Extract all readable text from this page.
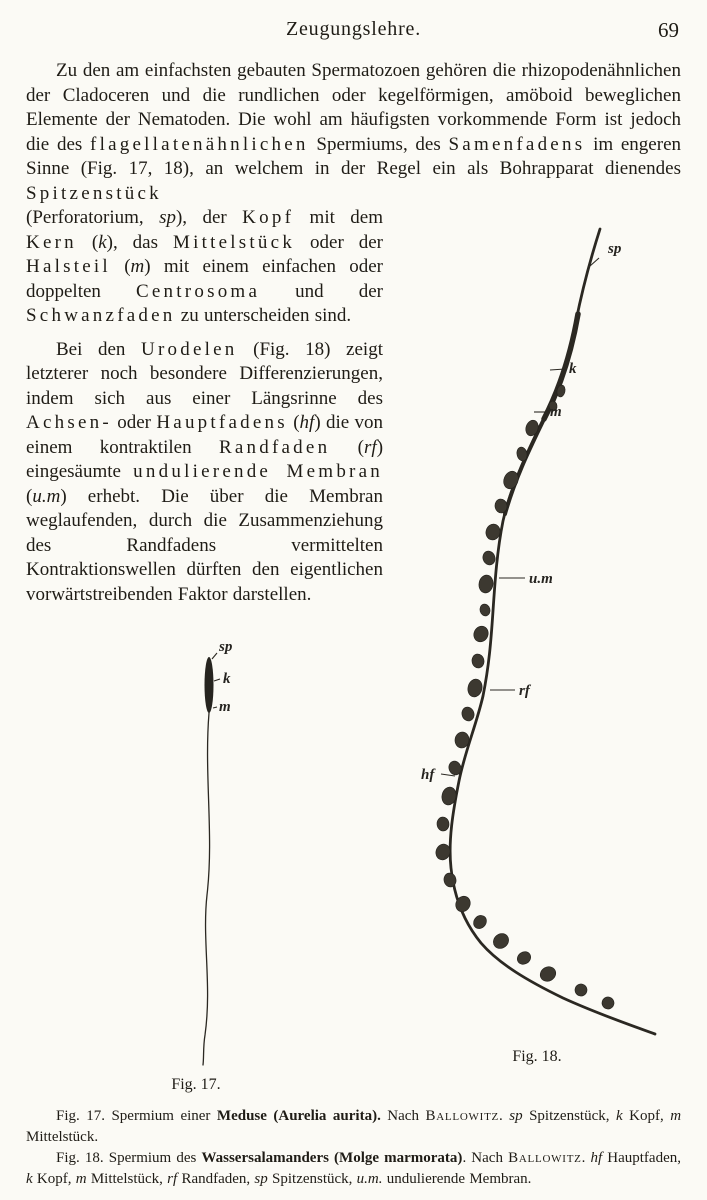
Zeugungslehre.	69

Zu den am einfachsten gebauten Spermatozoen gehören die rhizopodenähnlichen der Cladoceren und die rundlichen oder kegelförmigen, amöboid beweglichen Elemente der Nematoden. Die wohl am häufigsten vorkommende Form ist jedoch die des flagellatenähnlichen Spermiums, des Samenfadens im engeren Sinne (Fig. 17, 18), an welchem in der Regel ein als Bohrapparat dienendes Spitzenstück

sp
k
m
u.m
rf
hf
Fig. 18.

(Perforatorium, sp), der Kopf mit dem Kern (k), das Mittelstück oder der Halsteil (m) mit einem einfachen oder doppelten Centrosoma und der Schwanzfaden zu unterscheiden sind.

Bei den Urodelen (Fig. 18) zeigt letzterer noch besondere Differenzierungen, indem sich aus einer Längsrinne des Achsen- oder Hauptfadens (hf) die von einem kontraktilen Randfaden (rf) eingesäumte undulierende Membran (u.m) erhebt. Die über die Membran weglaufenden, durch die Zusammenziehung des Randfadens vermittelten Kontraktionswellen dürften den eigentlichen vorwärtstreibenden Faktor darstellen.

sp
k
m
Fig. 17.

Fig. 17. Spermium einer Meduse (Aurelia aurita). Nach Ballowitz. sp Spitzenstück, k Kopf, m Mittelstück.

Fig. 18. Spermium des Wassersalamanders (Molge marmorata). Nach Ballowitz. hf Hauptfaden, k Kopf, m Mittelstück, rf Randfaden, sp Spitzenstück, u.m. undulierende Membran.
